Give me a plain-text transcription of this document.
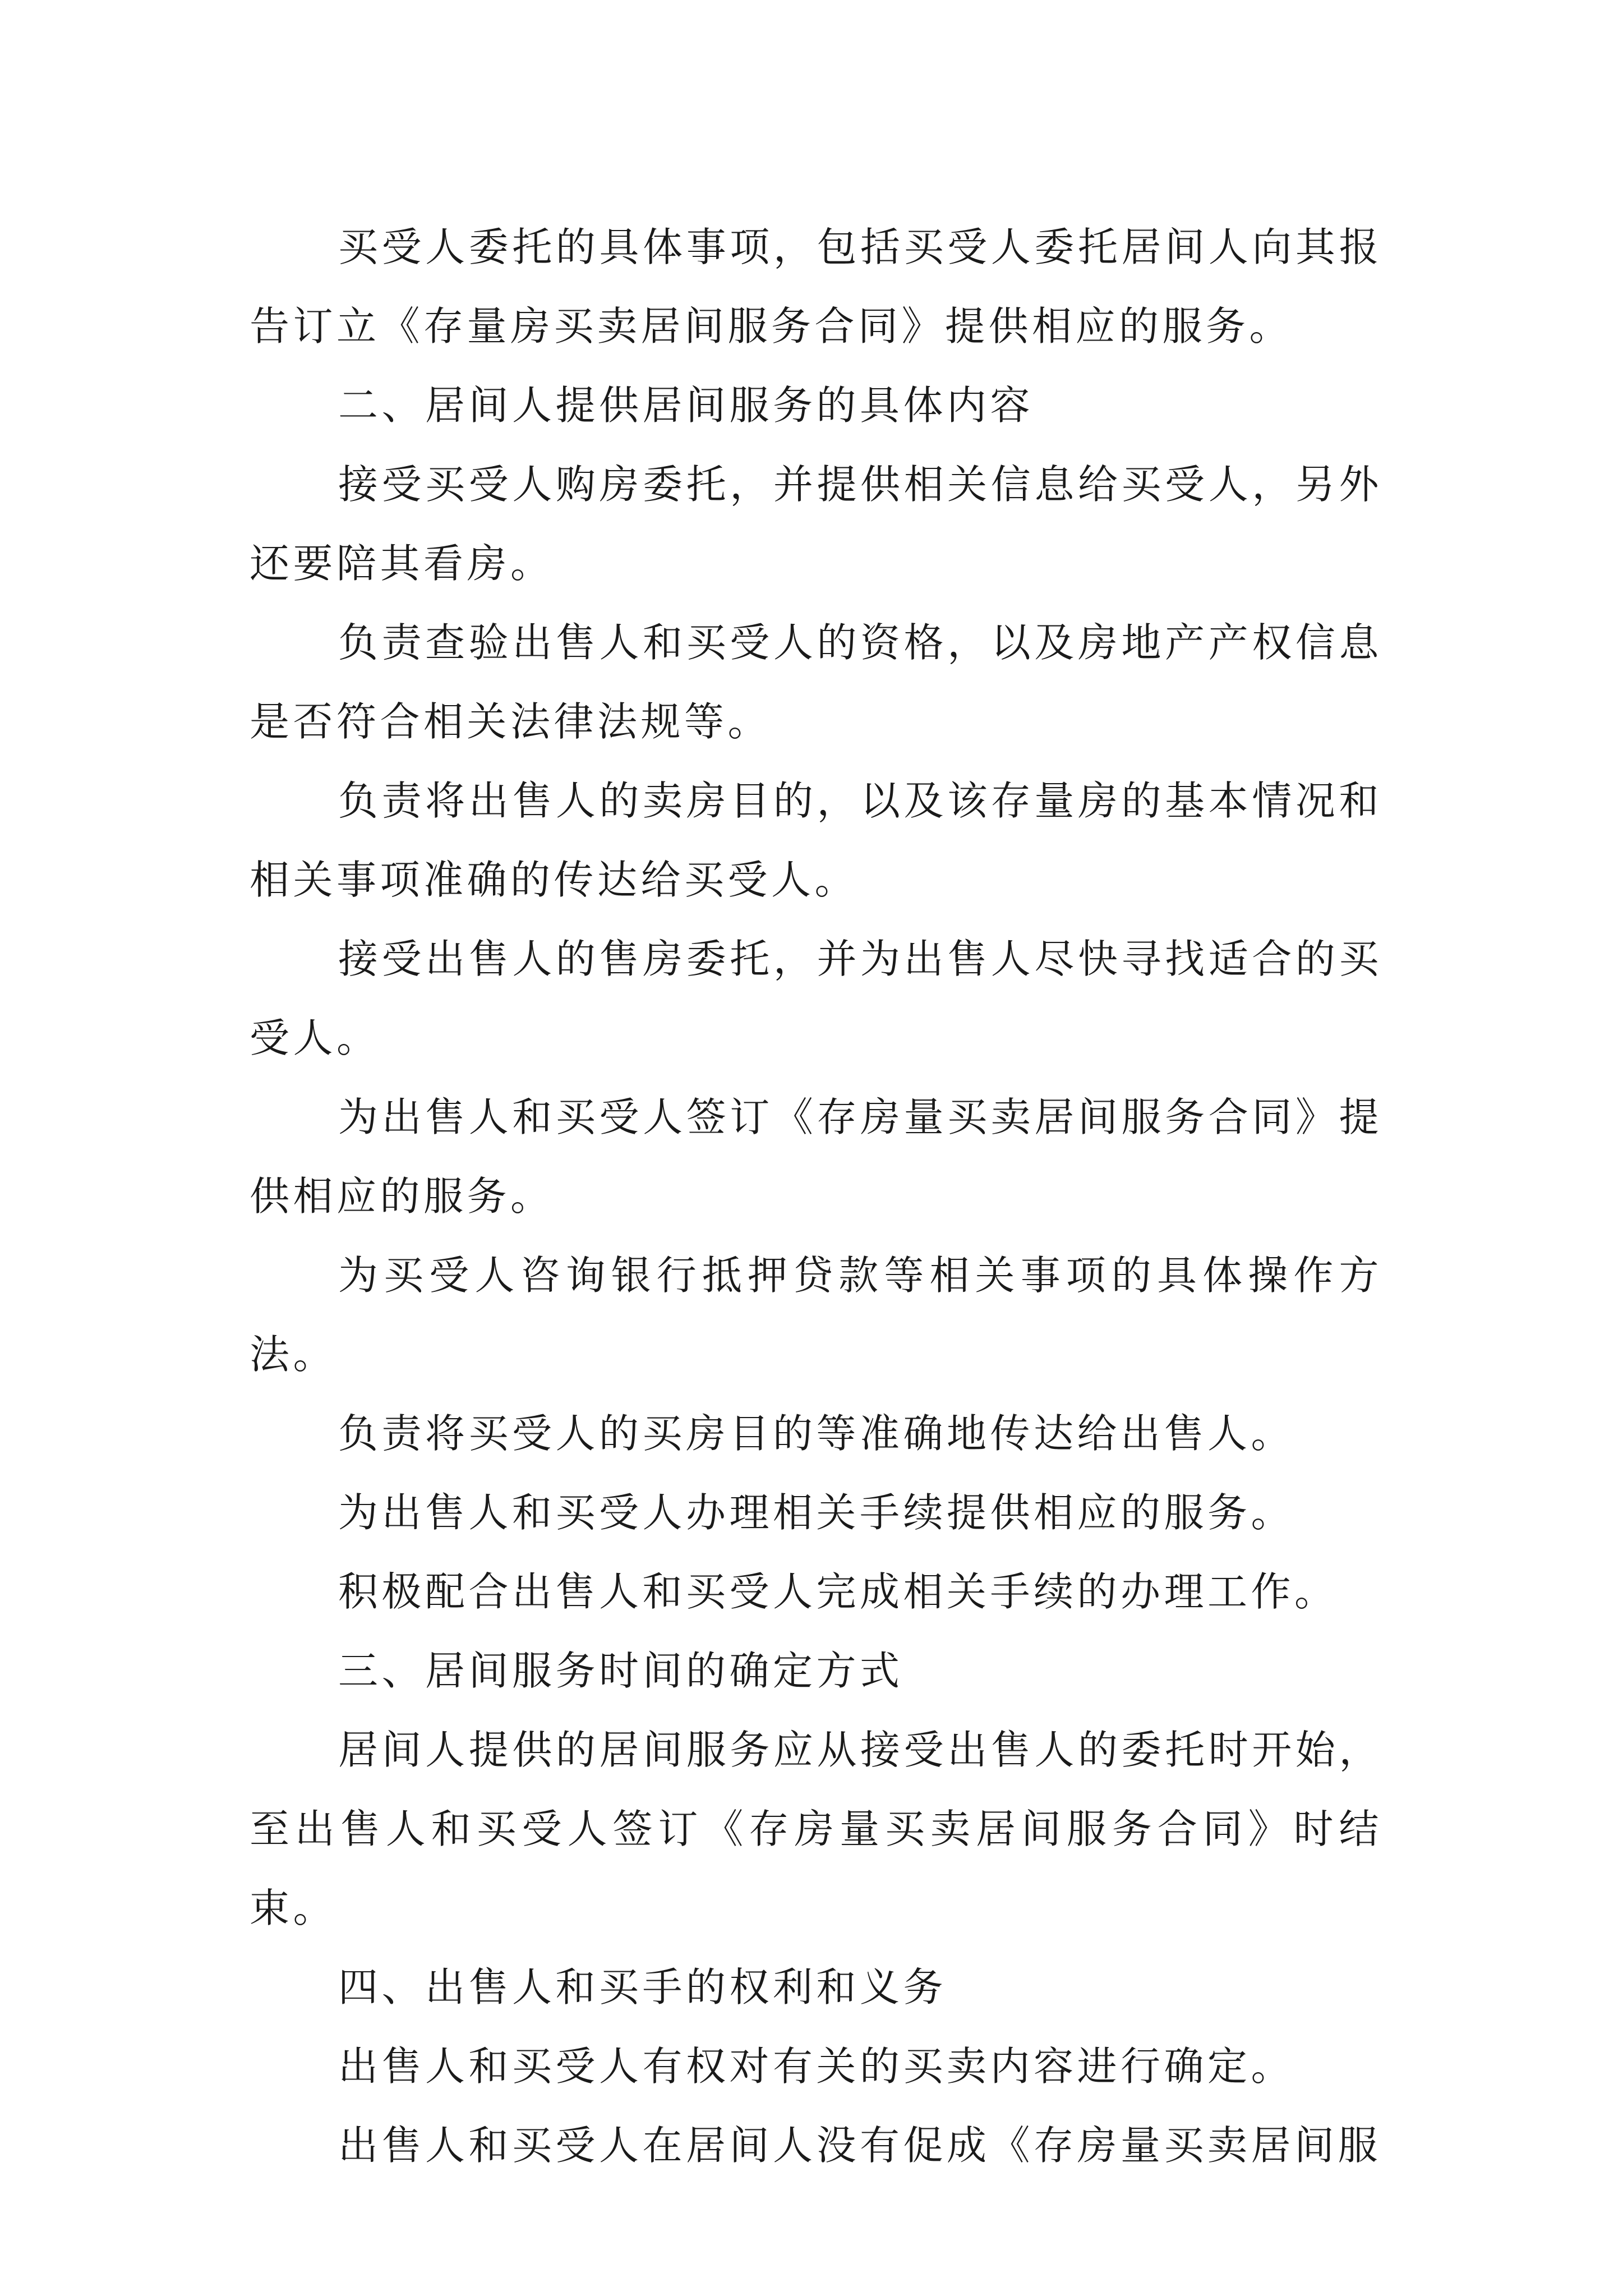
买受人委托的具体事项，包括买受人委托居间人向其报告订立《存量房买卖居间服务合同》提供相应的服务。

二、居间人提供居间服务的具体内容

接受买受人购房委托，并提供相关信息给买受人，另外还要陪其看房。

负责查验出售人和买受人的资格，以及房地产产权信息是否符合相关法律法规等。

负责将出售人的卖房目的，以及该存量房的基本情况和相关事项准确的传达给买受人。

接受出售人的售房委托，并为出售人尽快寻找适合的买受人。

为出售人和买受人签订《存房量买卖居间服务合同》提供相应的服务。

为买受人咨询银行抵押贷款等相关事项的具体操作方法。

负责将买受人的买房目的等准确地传达给出售人。

为出售人和买受人办理相关手续提供相应的服务。

积极配合出售人和买受人完成相关手续的办理工作。

三、居间服务时间的确定方式

居间人提供的居间服务应从接受出售人的委托时开始，至出售人和买受人签订《存房量买卖居间服务合同》时结束。

四、出售人和买手的权利和义务

出售人和买受人有权对有关的买卖内容进行确定。

出售人和买受人在居间人没有促成《存房量买卖居间服
